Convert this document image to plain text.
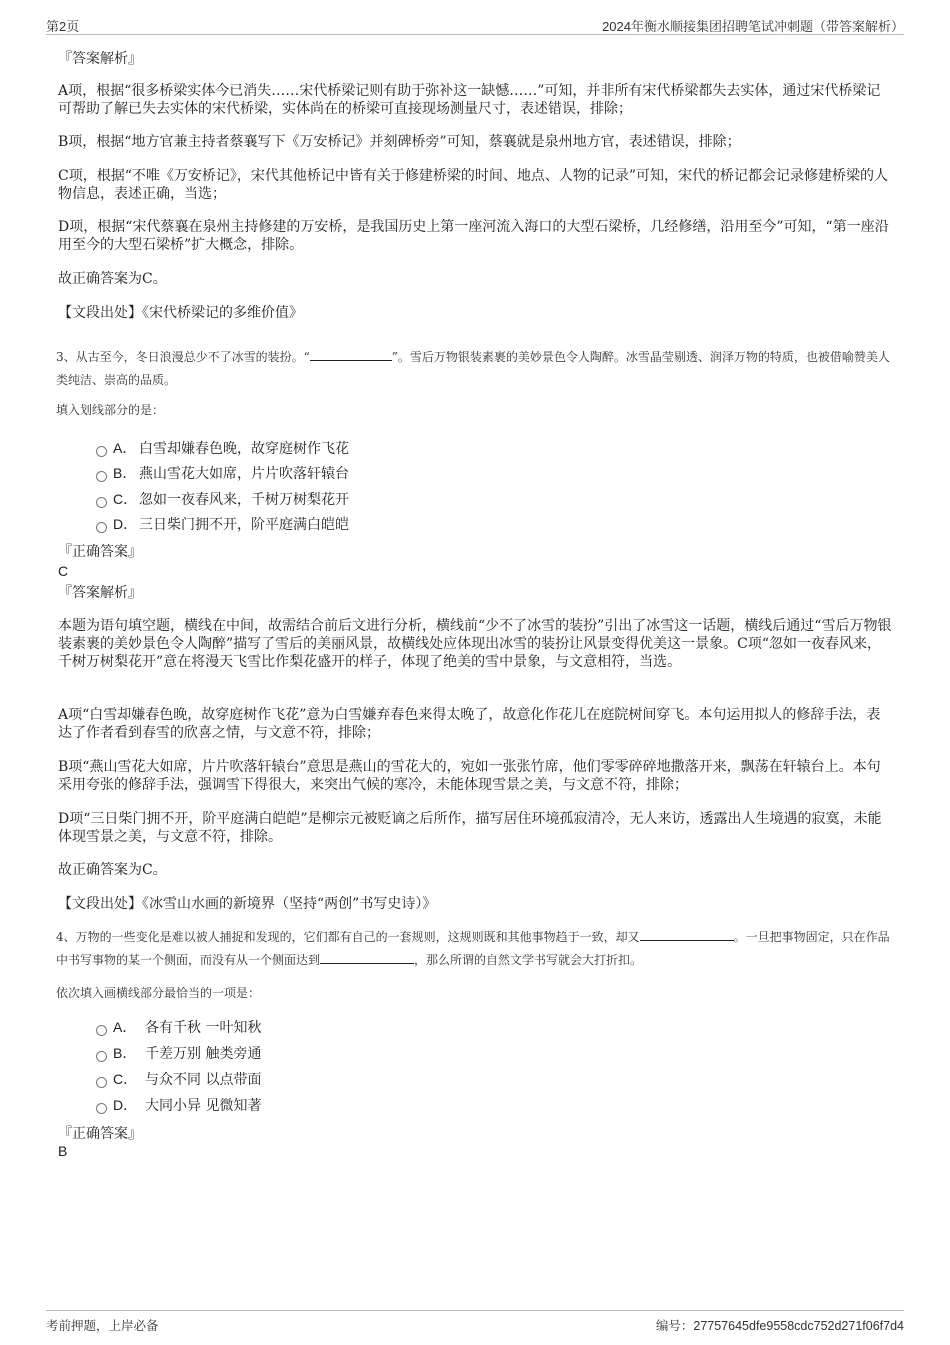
第2页	2024年衡水顺接集团招聘笔试冲刺题（带答案解析）
『答案解析』

A项，根据“很多桥梁实体今已消失……宋代桥梁记则有助于弥补这一缺憾……”可知，并非所有宋代桥梁都失去实体，通过宋代桥梁记可帮助了解已失去实体的宋代桥梁，实体尚在的桥梁可直接现场测量尺寸，表述错误，排除；

B项，根据“地方官兼主持者蔡襄写下《万安桥记》并刻碑桥旁”可知，蔡襄就是泉州地方官，表述错误，排除；

C项，根据“不唯《万安桥记》，宋代其他桥记中皆有关于修建桥梁的时间、地点、人物的记录”可知，宋代的桥记都会记录修建桥梁的人物信息，表述正确，当选；

D项，根据“宋代蔡襄在泉州主持修建的万安桥，是我国历史上第一座河流入海口的大型石梁桥，几经修缮，沿用至今”可知，“第一座沿用至今的大型石梁桥”扩大概念，排除。

故正确答案为C。
【文段出处】《宋代桥梁记的多维价值》
3、从古至今，冬日浪漫总少不了冰雪的装扮。“	”。雪后万物银装素裹的美妙景色令人陶醉。冰雪晶莹剔透、润泽万物的特质，也被借喻赞美人类纯洁、崇高的品质。
填入划线部分的是：
A． 白雪却嫌春色晚，故穿庭树作飞花
B． 燕山雪花大如席，片片吹落轩辕台
C． 忽如一夜春风来，千树万树梨花开
D． 三日柴门拥不开，阶平庭满白皑皑
『正确答案』
C
『答案解析』

本题为语句填空题，横线在中间，故需结合前后文进行分析，横线前“少不了冰雪的装扮”引出了冰雪这一话题，横线后通过“雪后万物银装素裹的美妙景色令人陶醉”描写了雪后的美丽风景，故横线处应体现出冰雪的装扮让风景变得优美这一景象。C项“忽如一夜春风来，千树万树梨花开”意在将漫天飞雪比作梨花盛开的样子，体现了绝美的雪中景象，与文意相符，当选。

A项“白雪却嫌春色晚，故穿庭树作飞花”意为白雪嫌弃春色来得太晚了，故意化作花儿在庭院树间穿飞。本句运用拟人的修辞手法，表达了作者看到春雪的欣喜之情，与文意不符，排除；

B项“燕山雪花大如席，片片吹落轩辕台”意思是燕山的雪花大的，宛如一张张竹席，他们零零碎碎地撒落开来，飘荡在轩辕台上。本句采用夸张的修辞手法，强调雪下得很大，来突出气候的寒冷，未能体现雪景之美，与文意不符，排除；

D项“三日柴门拥不开，阶平庭满白皑皑”是柳宗元被贬谪之后所作，描写居住环境孤寂清冷，无人来访，透露出人生境遇的寂寞，未能体现雪景之美，与文意不符，排除。

故正确答案为C。
【文段出处】《冰雪山水画的新境界（坚持“两创”书写史诗）》
4、万物的一些变化是难以被人捕捉和发现的，它们都有自己的一套规则，这规则既和其他事物趋于一致，却又	。一旦把事物固定，只在作品中书写事物的某一个侧面，而没有从一个侧面达到	，那么所谓的自然文学书写就会大打折扣。
依次填入画横线部分最恰当的一项是：
A． 各有千秋 一叶知秋
B． 千差万别 触类旁通
C． 与众不同 以点带面
D． 大同小异 见微知著
『正确答案』
B
考前押题，上岸必备	编号：27757645dfe9558cdc752d271f06f7d4
